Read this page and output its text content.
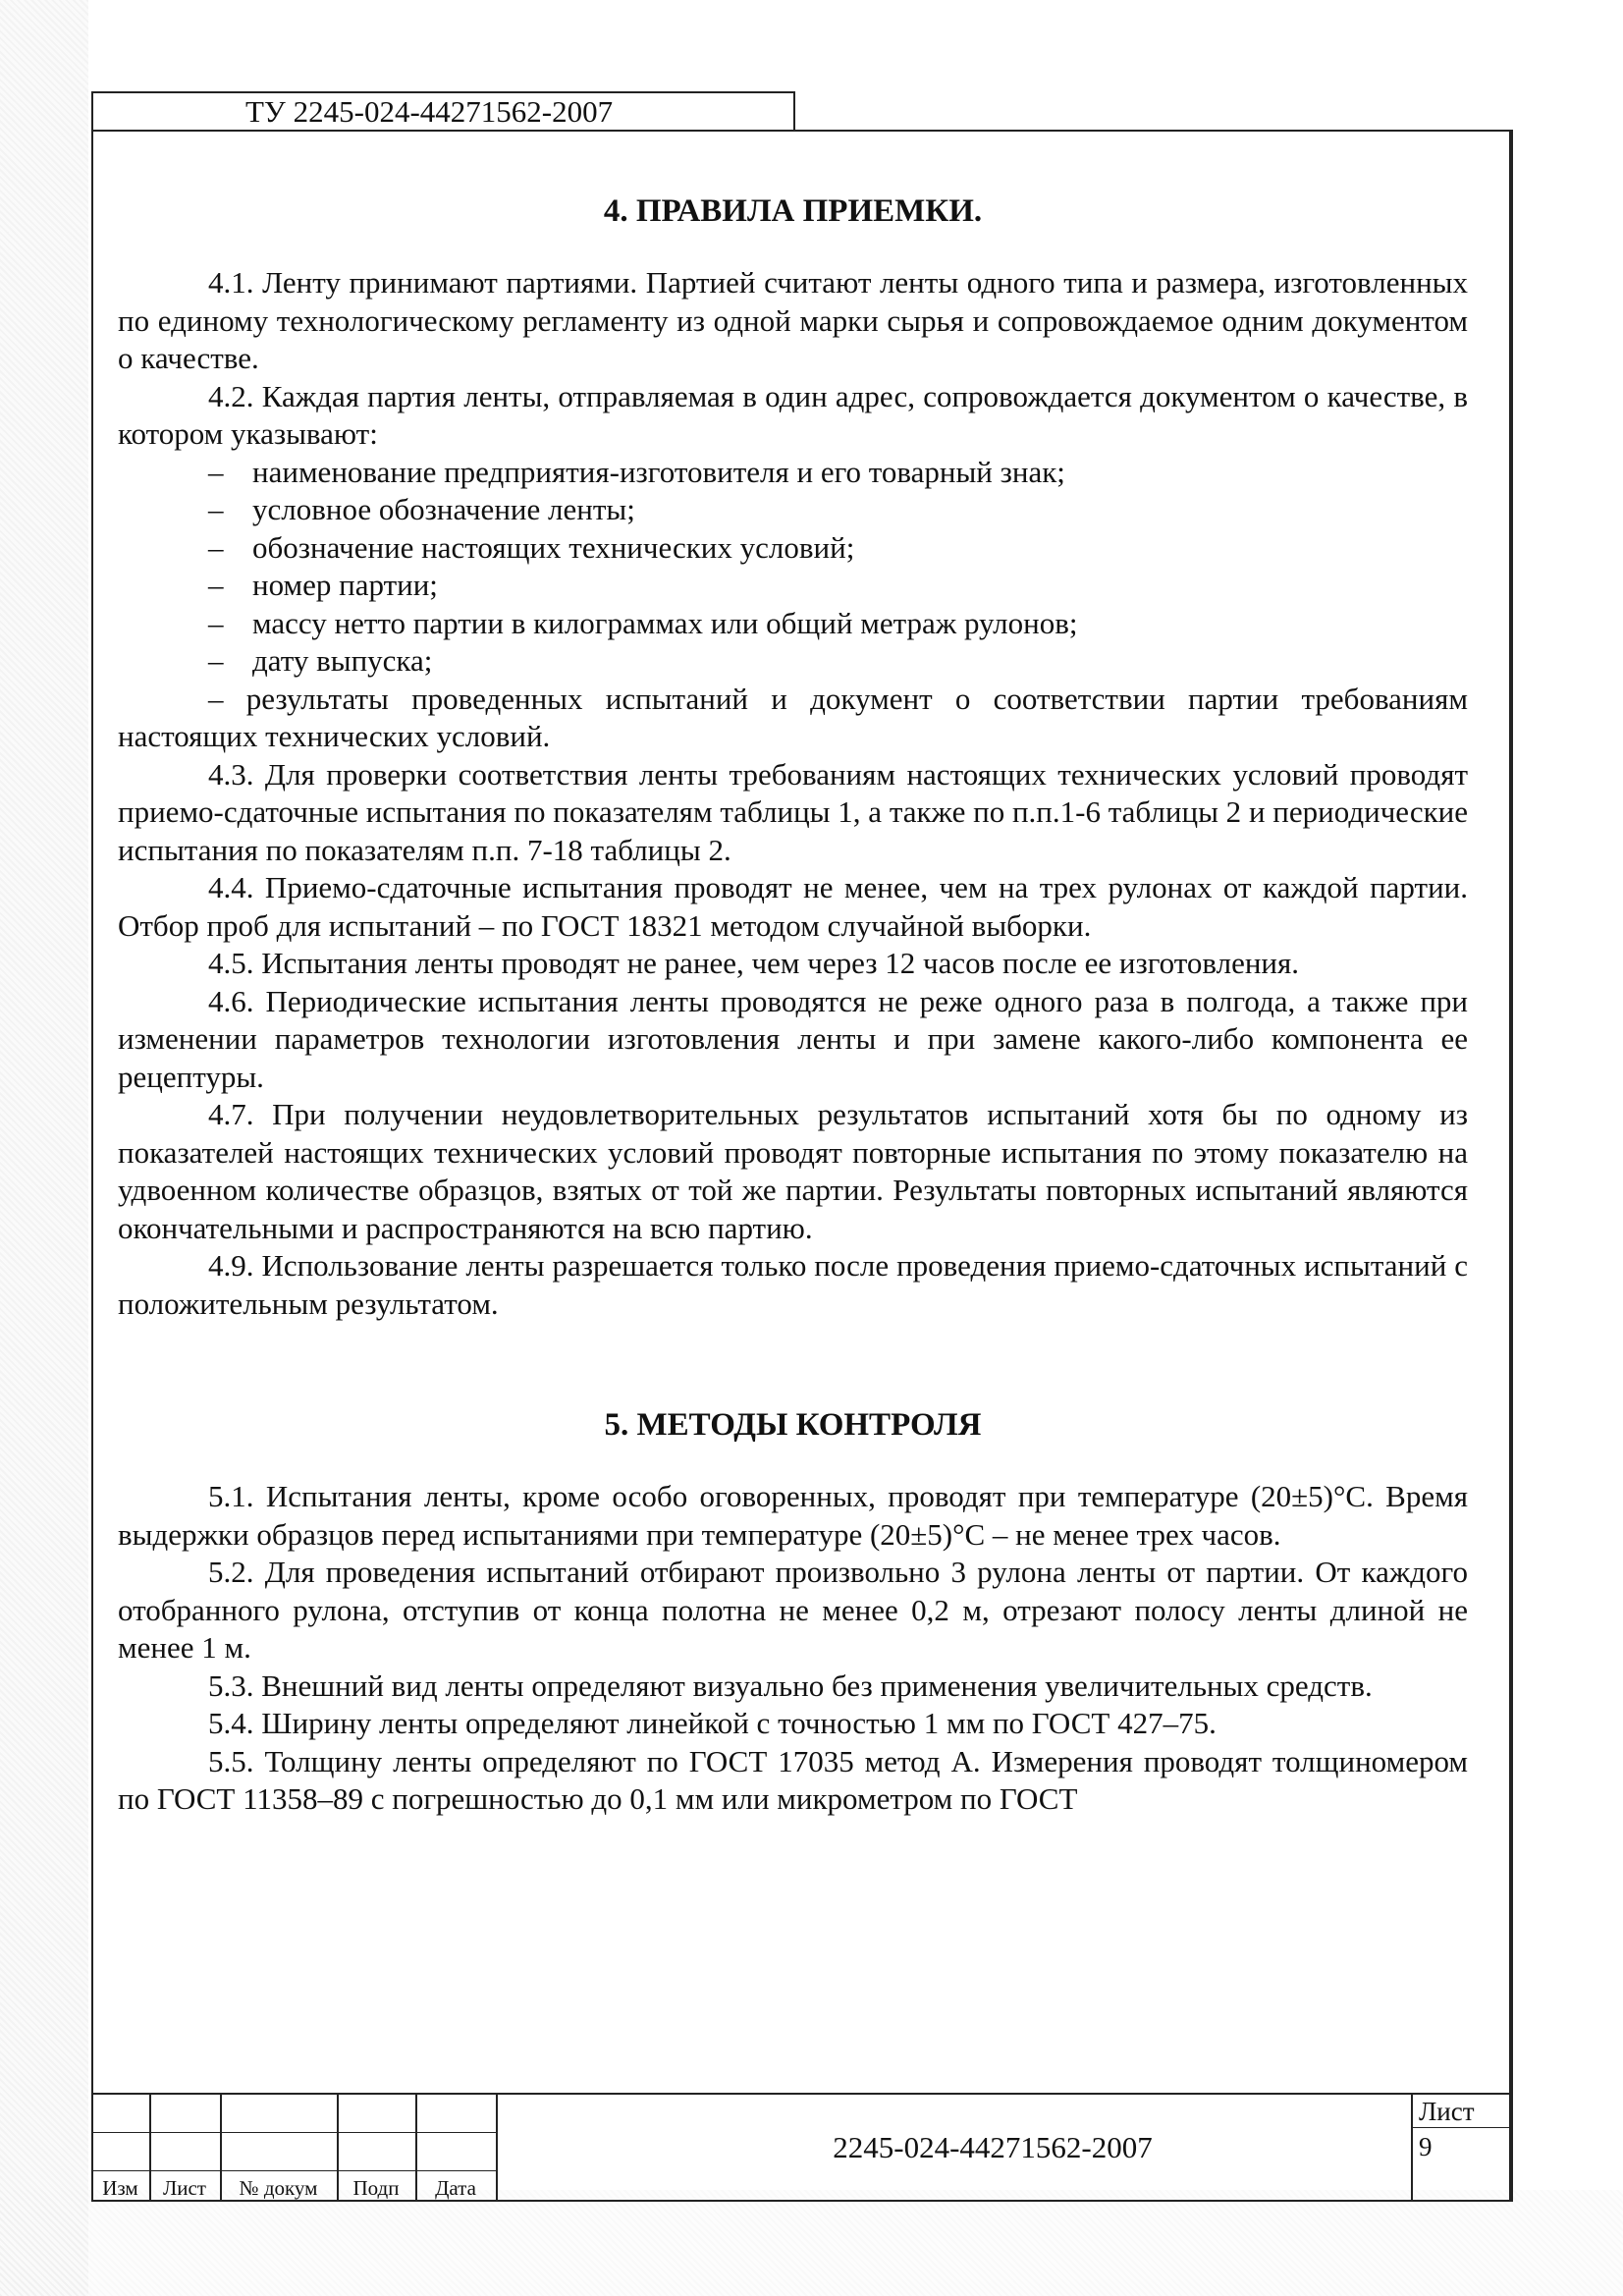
ТУ 2245-024-44271562-2007

4. ПРАВИЛА ПРИЕМКИ.

4.1. Ленту принимают партиями. Партией считают ленты одного типа и размера, изготовленных по единому технологическому регламенту из одной марки сырья и сопровождаемое одним документом о качестве.

4.2. Каждая партия ленты, отправляемая в один адрес, сопровождается документом о качестве, в котором указывают:

– наименование предприятия-изготовителя и его товарный знак;

– условное обозначение ленты;

– обозначение настоящих технических условий;

– номер партии;

– массу нетто партии в килограммах или общий метраж рулонов;

– дату выпуска;

– результаты проведенных испытаний и документ о соответствии партии требованиям настоящих технических условий.

4.3. Для проверки соответствия ленты требованиям настоящих технических условий проводят приемо-сдаточные испытания по показателям таблицы 1, а также по п.п.1-6 таблицы 2 и периодические испытания по показателям п.п. 7-18 таблицы 2.

4.4. Приемо-сдаточные испытания проводят не менее, чем на трех рулонах от каждой партии. Отбор проб для испытаний – по ГОСТ 18321 методом случайной выборки.

4.5. Испытания ленты проводят не ранее, чем через 12 часов после ее изготовления.

4.6. Периодические испытания ленты проводятся не реже одного раза в полгода, а также при изменении параметров технологии изготовления ленты и при замене какого-либо компонента ее рецептуры.

4.7. При получении неудовлетворительных результатов испытаний хотя бы по одному из показателей настоящих технических условий проводят повторные испытания по этому показателю на удвоенном количестве образцов, взятых от той же партии. Результаты повторных испытаний являются окончательными и распространяются на всю партию.

4.9. Использование ленты разрешается только после проведения приемо-сдаточных испытаний с положительным результатом.

5. МЕТОДЫ КОНТРОЛЯ

5.1. Испытания ленты, кроме особо оговоренных, проводят при температуре (20±5)°С. Время выдержки образцов перед испытаниями при температуре (20±5)°С – не менее трех часов.

5.2. Для проведения испытаний отбирают произвольно 3 рулона ленты от партии. От каждого отобранного рулона, отступив от конца полотна не менее 0,2 м, отрезают полосу ленты длиной не менее 1 м.

5.3. Внешний вид ленты определяют визуально без применения увеличительных средств.

5.4. Ширину ленты определяют линейкой с точностью 1 мм по ГОСТ 427–75.

5.5. Толщину ленты определяют по ГОСТ 17035 метод А. Измерения проводят толщиномером по ГОСТ 11358–89 с погрешностью до 0,1 мм или микрометром по ГОСТ

Изм	Лист	№ докум	Подп	Дата
2245-024-44271562-2007
Лист
9
